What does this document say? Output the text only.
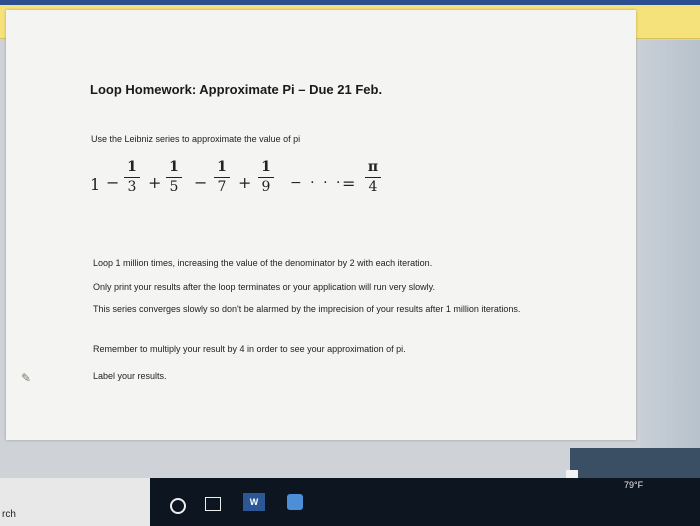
Loop Homework: Approximate Pi – Due 21 Feb.
Use the Leibniz series to approximate the value of pi
1 −
1
3 +
1
5 −
1
7 +
1
9 − · · · =
π
4
Loop 1 million times, increasing the value of the denominator by 2 with each iteration.
Only print your results after the loop terminates or your application will run very slowly.
This series converges slowly so don't be alarmed by the imprecision of your results after 1 million iterations.
Remember to multiply your result by 4 in order to see your approximation of pi.
Label your results.
✎
rch
79°F
W
